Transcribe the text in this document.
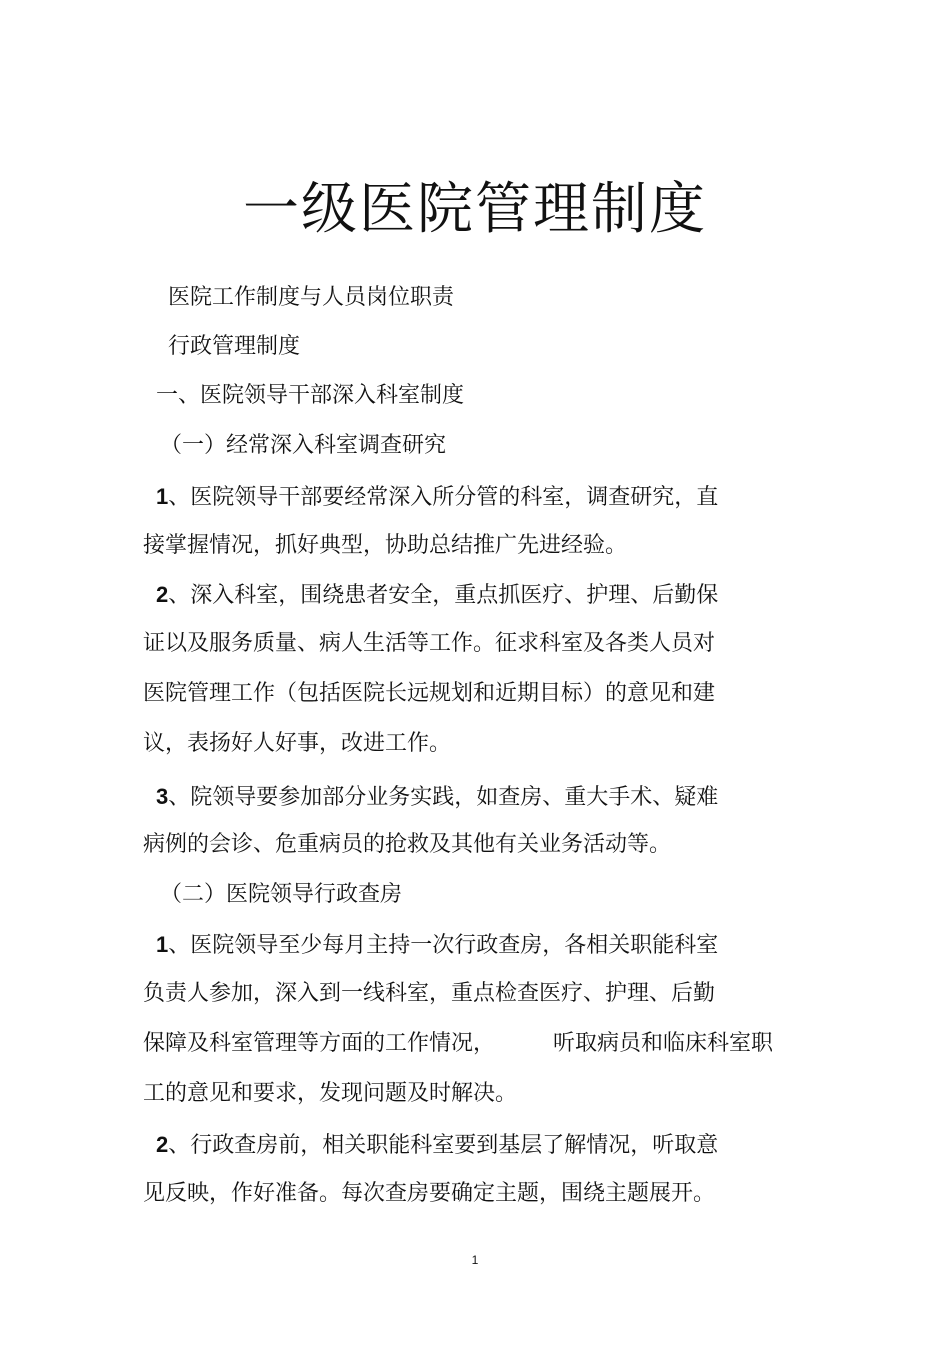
一级医院管理制度
医院工作制度与人员岗位职责
行政管理制度
一、医院领导干部深入科室制度
（一）经常深入科室调查研究
1、医院领导干部要经常深入所分管的科室，调查研究，直
接掌握情况，抓好典型，协助总结推广先进经验。
2、深入科室，围绕患者安全，重点抓医疗、护理、后勤保
证以及服务质量、病人生活等工作。征求科室及各类人员对
医院管理工作（包括医院长远规划和近期目标）的意见和建
议，表扬好人好事，改进工作。
3、院领导要参加部分业务实践，如查房、重大手术、疑难
病例的会诊、危重病员的抢救及其他有关业务活动等。
（二）医院领导行政查房
1、医院领导至少每月主持一次行政查房，各相关职能科室
负责人参加，深入到一线科室，重点检查医疗、护理、后勤
保障及科室管理等方面的工作情况，	听取病员和临床科室职
工的意见和要求，发现问题及时解决。
2、行政查房前，相关职能科室要到基层了解情况，听取意
见反映，作好准备。每次查房要确定主题，围绕主题展开。
1
